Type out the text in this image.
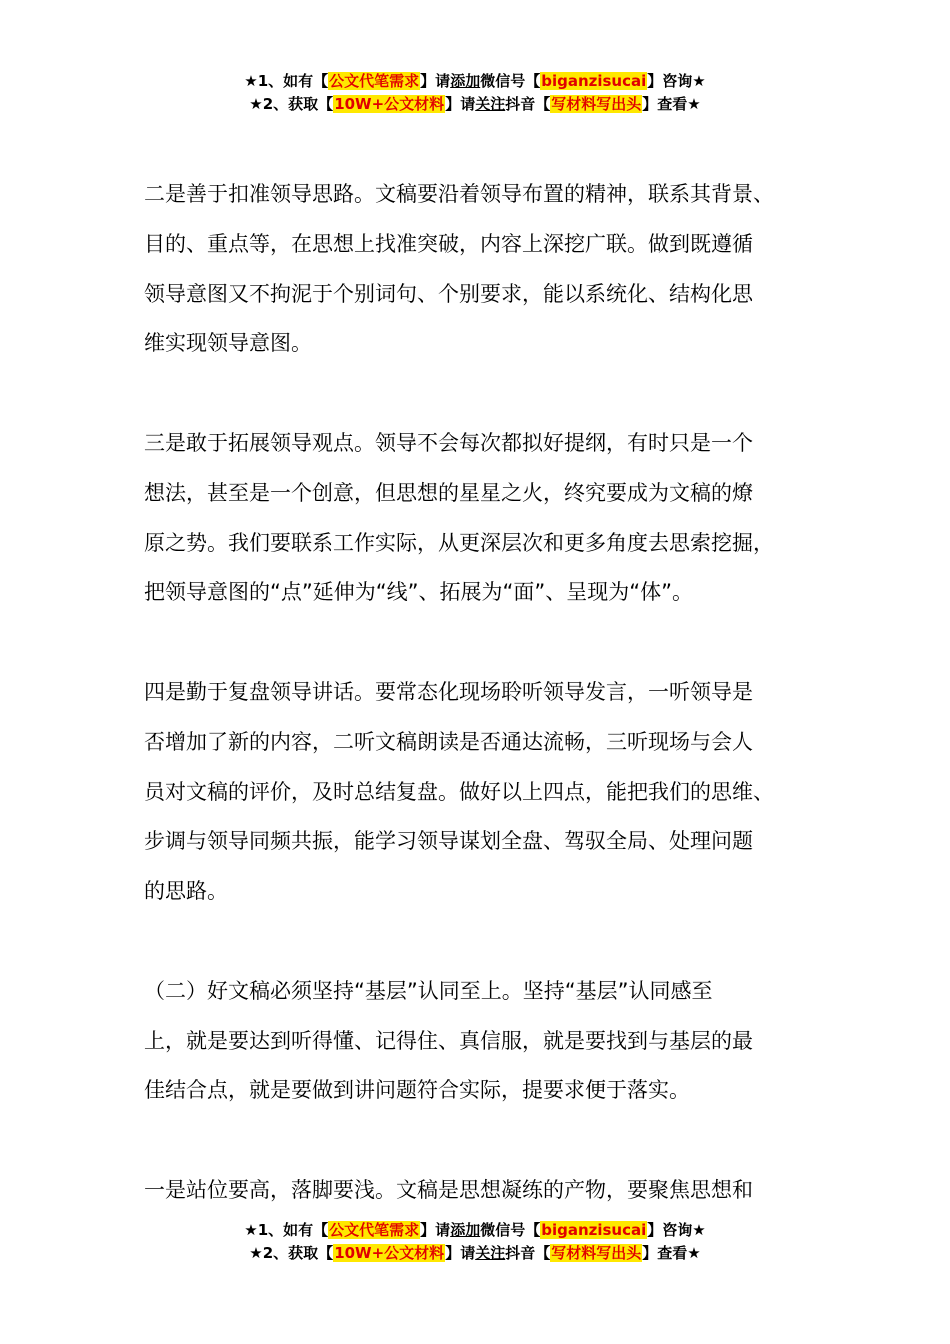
★1、如有【公文代笔需求】请添加微信号【biganzisucai】咨询★
★2、获取【10W+公文材料】请关注抖音【写材料写出头】查看★
二是善于扣准领导思路。文稿要沿着领导布置的精神，联系其背景、
目的、重点等，在思想上找准突破，内容上深挖广联。做到既遵循
领导意图又不拘泥于个别词句、个别要求，能以系统化、结构化思
维实现领导意图。
三是敢于拓展领导观点。领导不会每次都拟好提纲，有时只是一个
想法，甚至是一个创意，但思想的星星之火，终究要成为文稿的燎
原之势。我们要联系工作实际，从更深层次和更多角度去思索挖掘，
把领导意图的“点”延伸为“线”、拓展为“面”、呈现为“体”。
四是勤于复盘领导讲话。要常态化现场聆听领导发言，一听领导是
否增加了新的内容，二听文稿朗读是否通达流畅，三听现场与会人
员对文稿的评价，及时总结复盘。做好以上四点，能把我们的思维、
步调与领导同频共振，能学习领导谋划全盘、驾驭全局、处理问题
的思路。
（二）好文稿必须坚持“基层”认同至上。坚持“基层”认同感至
上，就是要达到听得懂、记得住、真信服，就是要找到与基层的最
佳结合点，就是要做到讲问题符合实际，提要求便于落实。
一是站位要高，落脚要浅。文稿是思想凝练的产物，要聚焦思想和
★1、如有【公文代笔需求】请添加微信号【biganzisucai】咨询★
★2、获取【10W+公文材料】请关注抖音【写材料写出头】查看★
